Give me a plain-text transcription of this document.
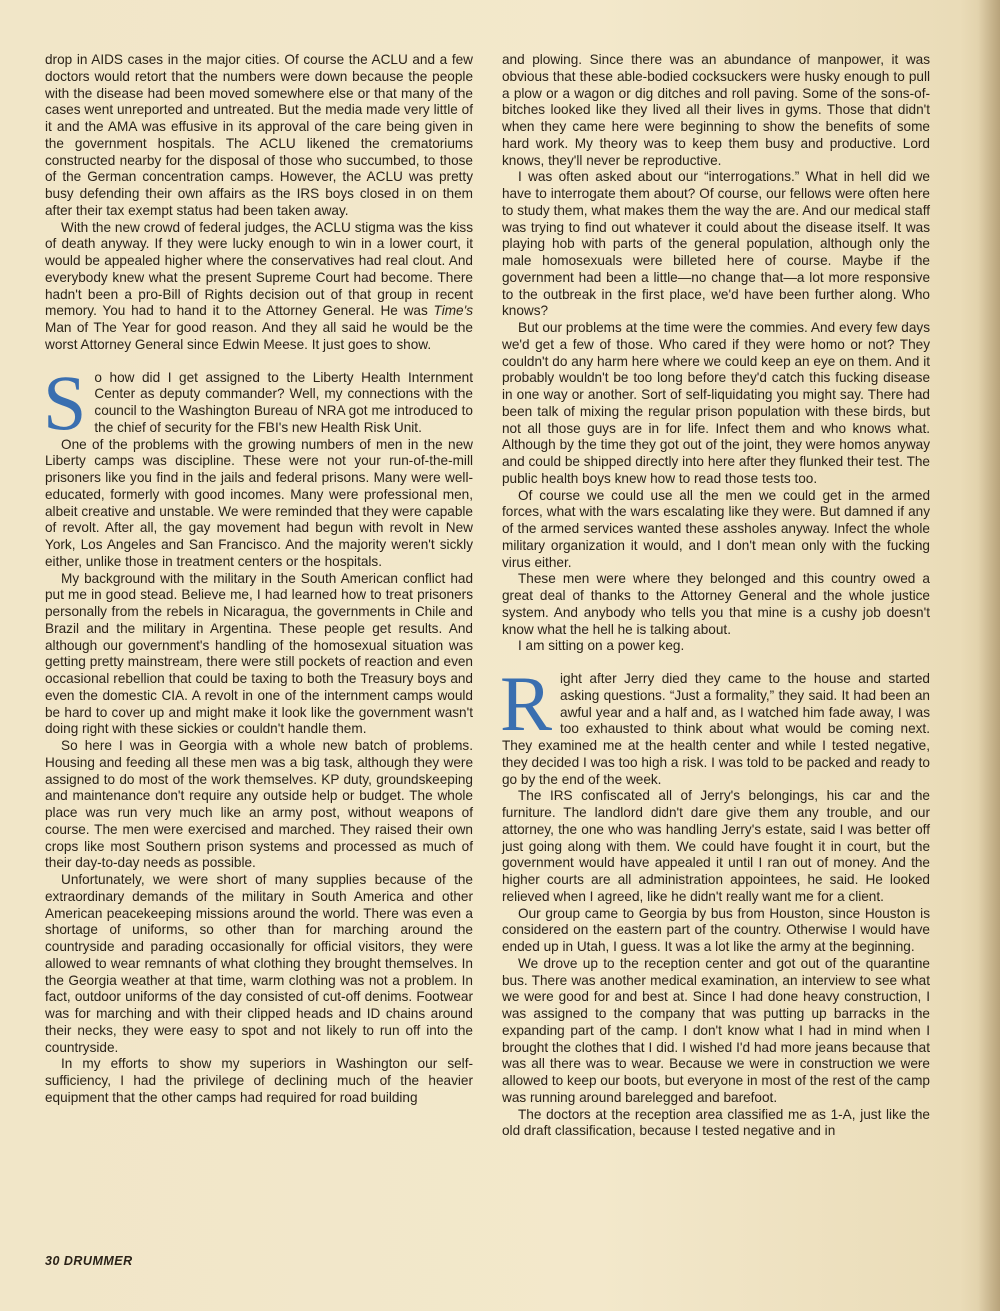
drop in AIDS cases in the major cities. Of course the ACLU and a few doctors would retort that the numbers were down because the people with the disease had been moved somewhere else or that many of the cases went unreported and untreated. But the media made very little of it and the AMA was effusive in its approval of the care being given in the government hospitals. The ACLU likened the crematoriums constructed nearby for the disposal of those who succumbed, to those of the German concentration camps. However, the ACLU was pretty busy defending their own affairs as the IRS boys closed in on them after their tax exempt status had been taken away.

With the new crowd of federal judges, the ACLU stigma was the kiss of death anyway. If they were lucky enough to win in a lower court, it would be appealed higher where the conservatives had real clout. And everybody knew what the present Supreme Court had become. There hadn't been a pro-Bill of Rights decision out of that group in recent memory. You had to hand it to the Attorney General. He was Time's Man of The Year for good reason. And they all said he would be the worst Attorney General since Edwin Meese. It just goes to show.

So how did I get assigned to the Liberty Health Internment Center as deputy commander? Well, my connections with the council to the Washington Bureau of NRA got me introduced to the chief of security for the FBI's new Health Risk Unit.

One of the problems with the growing numbers of men in the new Liberty camps was discipline. These were not your run-of-the-mill prisoners like you find in the jails and federal prisons. Many were well-educated, formerly with good incomes. Many were professional men, albeit creative and unstable. We were reminded that they were capable of revolt. After all, the gay movement had begun with revolt in New York, Los Angeles and San Francisco. And the majority weren't sickly either, unlike those in treatment centers or the hospitals.

My background with the military in the South American conflict had put me in good stead. Believe me, I had learned how to treat prisoners personally from the rebels in Nicaragua, the governments in Chile and Brazil and the military in Argentina. These people get results. And although our government's handling of the homosexual situation was getting pretty mainstream, there were still pockets of reaction and even occasional rebellion that could be taxing to both the Treasury boys and even the domestic CIA. A revolt in one of the internment camps would be hard to cover up and might make it look like the government wasn't doing right with these sickies or couldn't handle them.

So here I was in Georgia with a whole new batch of problems. Housing and feeding all these men was a big task, although they were assigned to do most of the work themselves. KP duty, groundskeeping and maintenance don't require any outside help or budget. The whole place was run very much like an army post, without weapons of course. The men were exercised and marched. They raised their own crops like most Southern prison systems and processed as much of their day-to-day needs as possible.

Unfortunately, we were short of many supplies because of the extraordinary demands of the military in South America and other American peacekeeping missions around the world. There was even a shortage of uniforms, so other than for marching around the countryside and parading occasionally for official visitors, they were allowed to wear remnants of what clothing they brought themselves. In the Georgia weather at that time, warm clothing was not a problem. In fact, outdoor uniforms of the day consisted of cut-off denims. Footwear was for marching and with their clipped heads and ID chains around their necks, they were easy to spot and not likely to run off into the countryside.

In my efforts to show my superiors in Washington our self-sufficiency, I had the privilege of declining much of the heavier equipment that the other camps had required for road building

and plowing. Since there was an abundance of manpower, it was obvious that these able-bodied cocksuckers were husky enough to pull a plow or a wagon or dig ditches and roll paving. Some of the sons-of-bitches looked like they lived all their lives in gyms. Those that didn't when they came here were beginning to show the benefits of some hard work. My theory was to keep them busy and productive. Lord knows, they'll never be reproductive.

I was often asked about our “interrogations.” What in hell did we have to interrogate them about? Of course, our fellows were often here to study them, what makes them the way the are. And our medical staff was trying to find out whatever it could about the disease itself. It was playing hob with parts of the general population, although only the male homosexuals were billeted here of course. Maybe if the government had been a little—no change that—a lot more responsive to the outbreak in the first place, we'd have been further along. Who knows?

But our problems at the time were the commies. And every few days we'd get a few of those. Who cared if they were homo or not? They couldn't do any harm here where we could keep an eye on them. And it probably wouldn't be too long before they'd catch this fucking disease in one way or another. Sort of self-liquidating you might say. There had been talk of mixing the regular prison population with these birds, but not all those guys are in for life. Infect them and who knows what. Although by the time they got out of the joint, they were homos anyway and could be shipped directly into here after they flunked their test. The public health boys knew how to read those tests too.

Of course we could use all the men we could get in the armed forces, what with the wars escalating like they were. But damned if any of the armed services wanted these assholes anyway. Infect the whole military organization it would, and I don't mean only with the fucking virus either.

These men were where they belonged and this country owed a great deal of thanks to the Attorney General and the whole justice system. And anybody who tells you that mine is a cushy job doesn't know what the hell he is talking about.

I am sitting on a power keg.

Right after Jerry died they came to the house and started asking questions. “Just a formality,” they said. It had been an awful year and a half and, as I watched him fade away, I was too exhausted to think about what would be coming next. They examined me at the health center and while I tested negative, they decided I was too high a risk. I was told to be packed and ready to go by the end of the week.

The IRS confiscated all of Jerry's belongings, his car and the furniture. The landlord didn't dare give them any trouble, and our attorney, the one who was handling Jerry's estate, said I was better off just going along with them. We could have fought it in court, but the government would have appealed it until I ran out of money. And the higher courts are all administration appointees, he said. He looked relieved when I agreed, like he didn't really want me for a client.

Our group came to Georgia by bus from Houston, since Houston is considered on the eastern part of the country. Otherwise I would have ended up in Utah, I guess. It was a lot like the army at the beginning.

We drove up to the reception center and got out of the quarantine bus. There was another medical examination, an interview to see what we were good for and best at. Since I had done heavy construction, I was assigned to the company that was putting up barracks in the expanding part of the camp. I don't know what I had in mind when I brought the clothes that I did. I wished I'd had more jeans because that was all there was to wear. Because we were in construction we were allowed to keep our boots, but everyone in most of the rest of the camp was running around barelegged and barefoot.

The doctors at the reception area classified me as 1-A, just like the old draft classification, because I tested negative and in

30 DRUMMER
